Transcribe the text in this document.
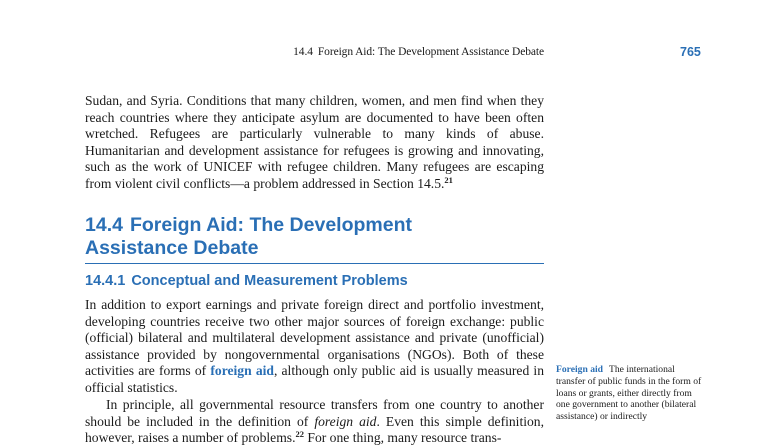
14.4 Foreign Aid: The Development Assistance Debate	765

Sudan, and Syria. Conditions that many children, women, and men find when they reach countries where they anticipate asylum are documented to have been often wretched. Refugees are particularly vulnerable to many kinds of abuse. Humanitarian and development assistance for refugees is growing and innovating, such as the work of UNICEF with refugee children. Many refugees are escaping from violent civil conflicts—a problem addressed in Section 14.5.21

14.4 Foreign Aid: The Development
Assistance Debate
14.4.1 Conceptual and Measurement Problems

In addition to export earnings and private foreign direct and portfolio investment, developing countries receive two other major sources of foreign exchange: public (official) bilateral and multilateral development assistance and private (unofficial) assistance provided by nongovernmental organisations (NGOs). Both of these activities are forms of foreign aid, although only public aid is usually measured in official statistics.

In principle, all governmental resource transfers from one country to another should be included in the definition of foreign aid. Even this simple definition, however, raises a number of problems.$^{22}$ For one thing, many resource trans-

Foreign aid The international transfer of public funds in the form of loans or grants, either directly from one government to another (bilateral assistance) or indirectly
